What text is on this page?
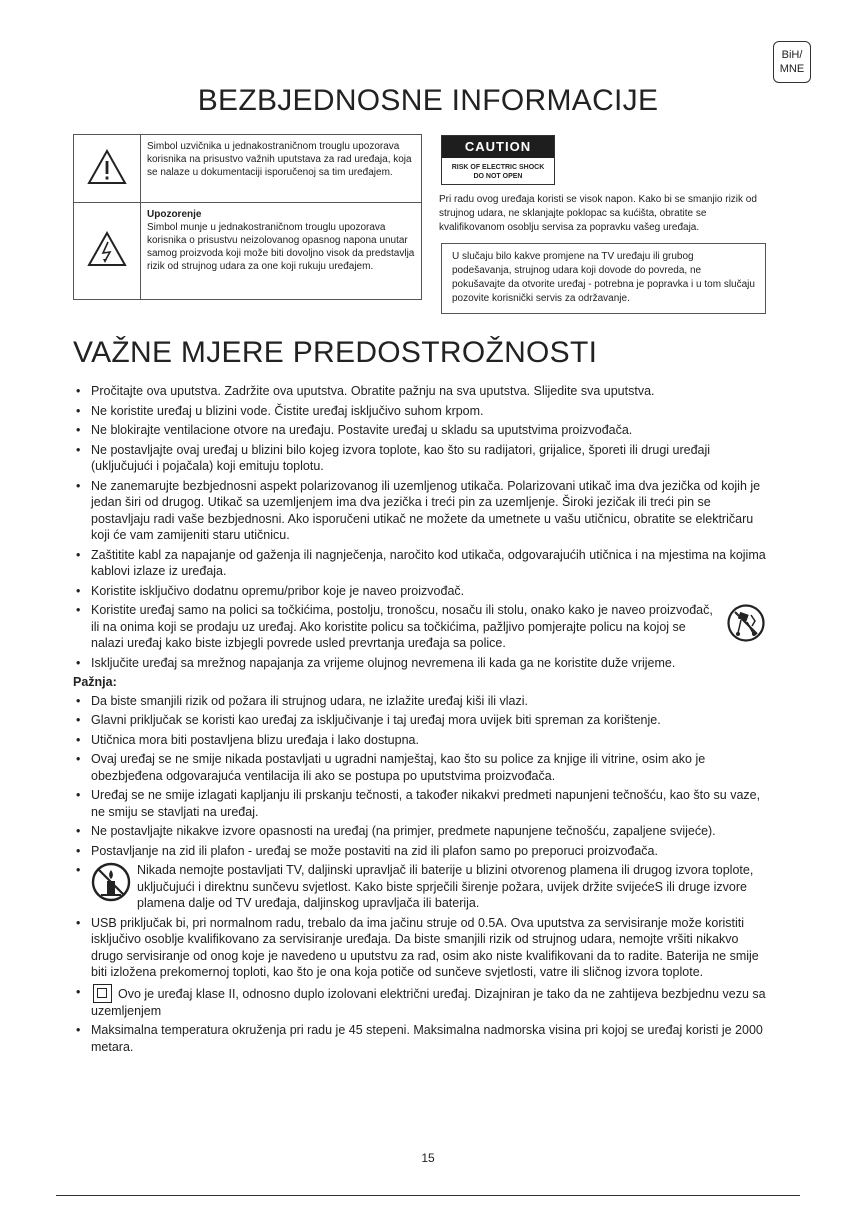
BiH/
MNE
BEZBJEDNOSNE INFORMACIJE
	Simbol uzvičnika u jednakostraničnom trouglu upozorava korisnika na prisustvo važnih uputstava za rad uređaja, koja se nalaze u dokumentaciji isporučenoj sa tim uređajem.

Upozorenje
Simbol munje u jednakostraničnom trouglu upozorava korisnika o prisustvu neizolovanog opasnog napona unutar samog proizvoda koji može biti dovoljno visok da predstavlja rizik od strujnog udara za one koji rukuju uređajem.
CAUTION
RISK OF ELECTRIC SHOCK
DO NOT OPEN
Pri radu ovog uređaja koristi se visok napon. Kako bi se smanjio rizik od strujnog udara, ne sklanjajte poklopac sa kućišta, obratite se kvalifikovanom osoblju servisa za popravku vašeg uređaja.
U slučaju bilo kakve promjene na TV uređaju ili grubog podešavanja, strujnog udara koji dovode do povreda, ne pokušavajte da otvorite uređaj - potrebna je popravka i u tom slučaju pozovite korisnički servis za održavanje.
VAŽNE MJERE PREDOSTROŽNOSTI
• Pročitajte ova uputstva. Zadržite ova uputstva. Obratite pažnju na sva uputstva. Slijedite sva uputstva.
• Ne koristite uređaj u blizini vode. Čistite uređaj isključivo suhom krpom.
• Ne blokirajte ventilacione otvore na uređaju. Postavite uređaj u skladu sa uputstvima proizvođača.
• Ne postavljajte ovaj uređaj u blizini bilo kojeg izvora toplote, kao što su radijatori, grijalice, šporeti ili drugi uređaji (uključujući i pojačala) koji emituju toplotu.
• Ne zanemarujte bezbjednosni aspekt polarizovanog ili uzemljenog utikača. Polarizovani utikač ima dva jezička od kojih je jedan širi od drugog. Utikač sa uzemljenjem ima dva jezička i treći pin za uzemljenje. Široki jezičak ili treći pin se postavljaju radi vaše bezbjednosni. Ako isporučeni utikač ne možete da umetnete u vašu utičnicu, obratite se električaru koji će vam zamijeniti staru utičnicu.
• Zaštitite kabl za napajanje od gaženja ili nagnječenja, naročito kod utikača, odgovarajućih utičnica i na mjestima na kojima kablovi izlaze iz uređaja.
• Koristite isključivo dodatnu opremu/pribor koje je naveo proizvođač.
• Koristite uređaj samo na polici sa točkićima, postolju, tronošcu, nosaču ili stolu, onako kako je naveo proizvođač, ili na onima koji se prodaju uz uređaj. Ako koristite policu sa točkićima, pažljivo pomjerajte policu na kojoj se nalazi uređaj kako biste izbjegli povrede usled prevrtanja uređaja sa police.
• Isključite uređaj sa mrežnog napajanja za vrijeme olujnog nevremena ili kada ga ne koristite duže vrijeme.
Pažnja:
• Da biste smanjili rizik od požara ili strujnog udara, ne izlažite uređaj kiši ili vlazi.
• Glavni priključak se koristi kao uređaj za isključivanje i taj uređaj mora uvijek biti spreman za korištenje.
• Utičnica mora biti postavljena blizu uređaja i lako dostupna.
• Ovaj uređaj se ne smije nikada postavljati u ugradni namještaj, kao što su police za knjige ili vitrine, osim ako je obezbjeđena odgovarajuća ventilacija ili ako se postupa po uputstvima proizvođača.
• Uređaj se ne smije izlagati kapljanju ili prskanju tečnosti, a također nikakvi predmeti napunjeni tečnošću, kao što su vaze, ne smiju se stavljati na uređaj.
• Ne postavljajte nikakve izvore opasnosti na uređaj (na primjer, predmete napunjene tečnošću, zapaljene svijeće).
• Postavljanje na zid ili plafon - uređaj se može postaviti na zid ili plafon samo po preporuci proizvođača.
• Nikada nemojte postavljati TV, daljinski upravljač ili baterije u blizini otvorenog plamena ili drugog izvora toplote, uključujući i direktnu sunčevu svjetlost. Kako biste sprječili širenje požara, uvijek držite svijećeS ili druge izvore plamena dalje od TV uređaja, daljinskog upravljača ili baterija.
• USB priključak bi, pri normalnom radu, trebalo da ima jačinu struje od 0.5A. Ova uputstva za servisiranje može koristiti isključivo osoblje kvalifikovano za servisiranje uređaja. Da biste smanjili rizik od strujnog udara, nemojte vršiti nikakvo drugo servisiranje od onog koje je navedeno u uputstvu za rad, osim ako niste kvalifikovani da to radite. Baterija ne smije biti izložena prekomernoj toploti, kao što je ona koja potiče od sunčeve svjetlosti, vatre ili sličnog izvora toplote.
• Ovo je uređaj klase II, odnosno duplo izolovani električni uređaj. Dizajniran je tako da ne zahtijeva bezbjednu vezu sa uzemljenjem
• Maksimalna temperatura okruženja pri radu je 45 stepeni. Maksimalna nadmorska visina pri kojoj se uređaj koristi je 2000 metara.
15
